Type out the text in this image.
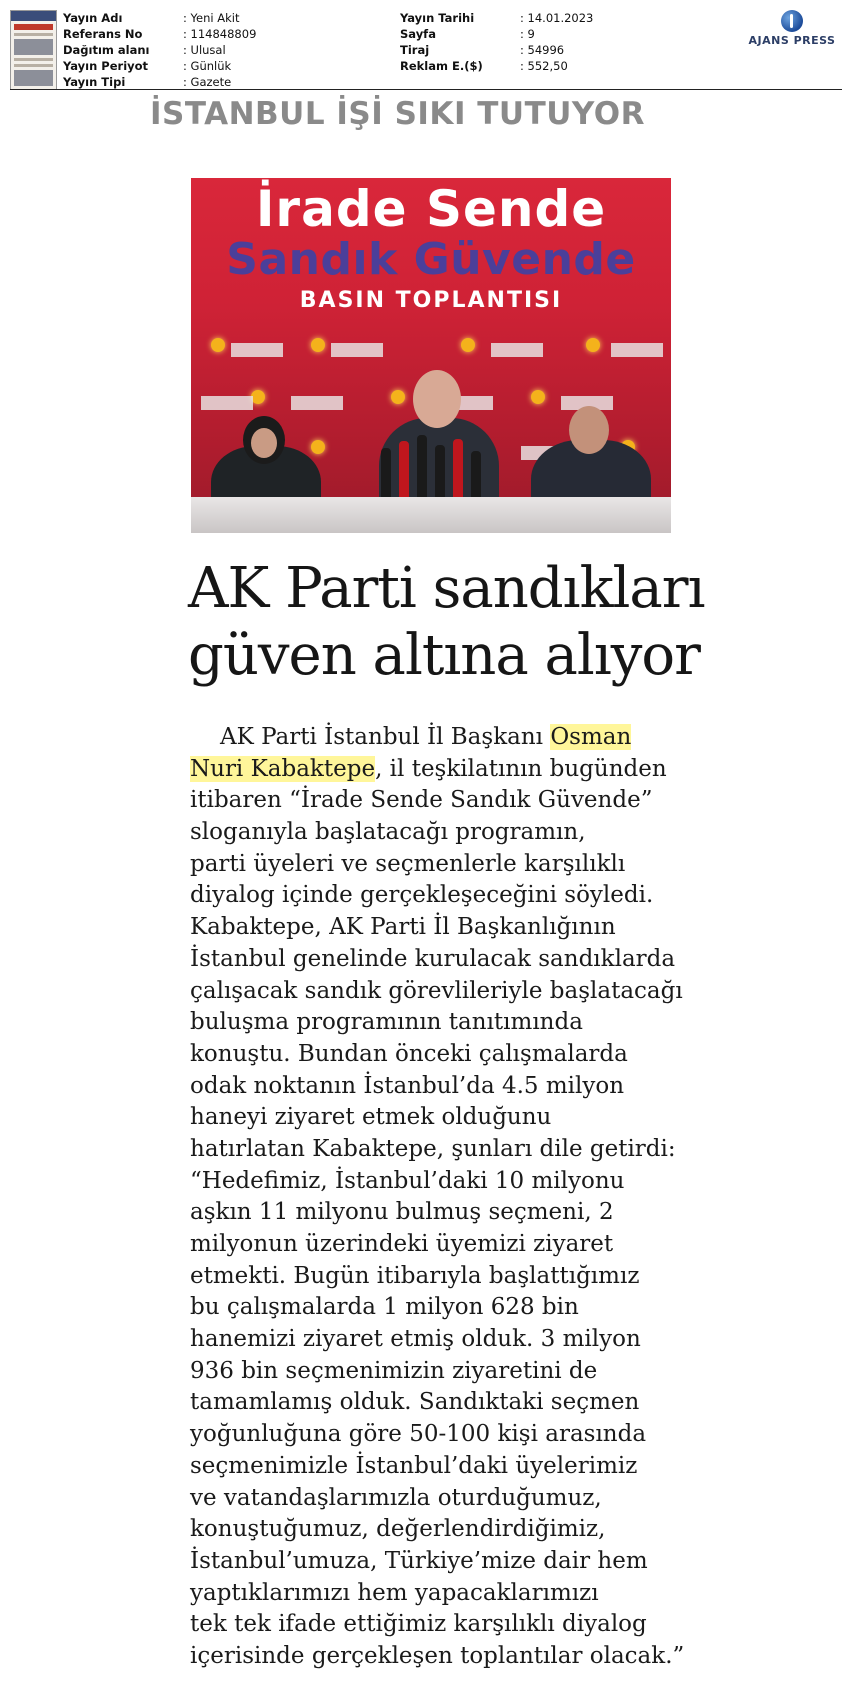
Yayın Adı
Referans No
Dağıtım alanı
Yayın Periyot
Yayın Tipi
: Yeni Akit
: 114848809
: Ulusal
: Günlük
: Gazete
Yayın Tarihi
Sayfa
Tiraj
Reklam E.($)
: 14.01.2023
: 9
: 54996
: 552,50
AJANS PRESS
İSTANBUL İŞİ SIKI TUTUYOR
İrade Sende
Sandık Güvende
BASIN TOPLANTISI
AK Parti sandıkları
güven altına alıyor
AK Parti İstanbul İl Başkanı Osman
Nuri Kabaktepe, il teşkilatının bugünden
itibaren “İrade Sende Sandık Güvende”
sloganıyla başlatacağı programın,
parti üyeleri ve seçmenlerle karşılıklı
diyalog içinde gerçekleşeceğini söyledi.
Kabaktepe, AK Parti İl Başkanlığının
İstanbul genelinde kurulacak sandıklarda
çalışacak sandık görevlileriyle başlatacağı
buluşma programının tanıtımında
konuştu. Bundan önceki çalışmalarda
odak noktanın İstanbul’da 4.5 milyon
haneyi ziyaret etmek olduğunu
hatırlatan Kabaktepe, şunları dile getirdi:
“Hedefimiz, İstanbul’daki 10 milyonu
aşkın 11 milyonu bulmuş seçmeni, 2
milyonun üzerindeki üyemizi ziyaret
etmekti. Bugün itibarıyla başlattığımız
bu çalışmalarda 1 milyon 628 bin
hanemizi ziyaret etmiş olduk. 3 milyon
936 bin seçmenimizin ziyaretini de
tamamlamış olduk. Sandıktaki seçmen
yoğunluğuna göre 50-100 kişi arasında
seçmenimizle İstanbul’daki üyelerimiz
ve vatandaşlarımızla oturduğumuz,
konuştuğumuz, değerlendirdiğimiz,
İstanbul’umuza, Türkiye’mize dair hem
yaptıklarımızı hem yapacaklarımızı
tek tek ifade ettiğimiz karşılıklı diyalog
içerisinde gerçekleşen toplantılar olacak.”
